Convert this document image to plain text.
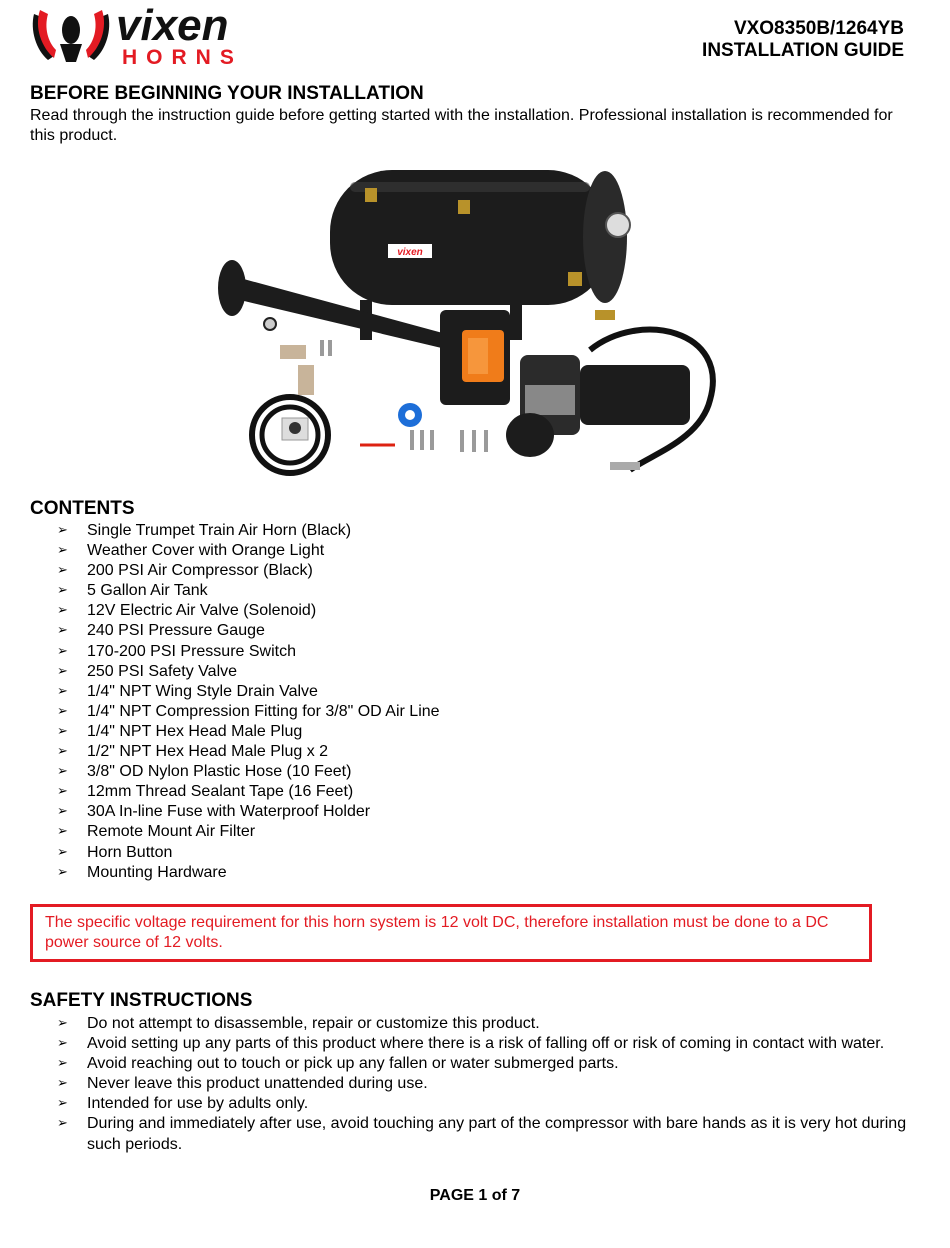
vixen
HORNS
VXO8350B/1264YB
INSTALLATION GUIDE
BEFORE BEGINNING YOUR INSTALLATION

Read through the instruction guide before getting started with the installation. Professional installation is recommended for this product.

vixen
CONTENTS
➢ Single Trumpet Train Air Horn (Black)
➢ Weather Cover with Orange Light
➢ 200 PSI Air Compressor (Black)
➢ 5 Gallon Air Tank
➢ 12V Electric Air Valve (Solenoid)
➢ 240 PSI Pressure Gauge
➢ 170-200 PSI Pressure Switch
➢ 250 PSI Safety Valve
➢ 1/4" NPT Wing Style Drain Valve
➢ 1/4" NPT Compression Fitting for 3/8" OD Air Line
➢ 1/4" NPT Hex Head Male Plug
➢ 1/2" NPT Hex Head Male Plug x 2
➢ 3/8" OD Nylon Plastic Hose (10 Feet)
➢ 12mm Thread Sealant Tape (16 Feet)
➢ 30A In-line Fuse with Waterproof Holder
➢ Remote Mount Air Filter
➢ Horn Button
➢ Mounting Hardware
The specific voltage requirement for this horn system is 12 volt DC, therefore installation must be done to a DC power source of 12 volts.
SAFETY INSTRUCTIONS
➢ Do not attempt to disassemble, repair or customize this product.
➢ Avoid setting up any parts of this product where there is a risk of falling off or risk of coming in contact with water.
➢ Avoid reaching out to touch or pick up any fallen or water submerged parts.
➢ Never leave this product unattended during use.
➢ Intended for use by adults only.
➢ During and immediately after use, avoid touching any part of the compressor with bare hands as it is very hot during such periods.
PAGE 1 of 7
